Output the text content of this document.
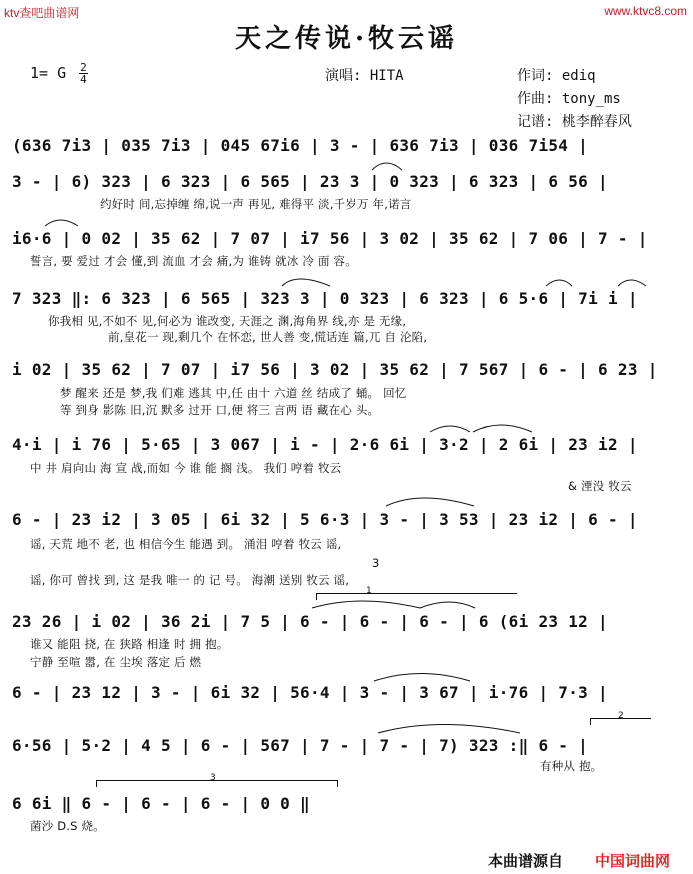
ktv查吧曲谱网	www.ktvc8.com
天之传说·牧云谣
1= G $\frac{2}{4}$	演唱: HITA	作词: ediq
作曲: tony_ms
记谱: 桃李醉春风
(636 7i3 | 035 7i3 | 045 67i6 | 3 - | 636 7i3 | 036 7i54 |
3 - | 6) 323 | 6 323 | 6 565 | 23 3 | 0 323 | 6 323 | 6 56 |
约好时 间,忘掉缠 绵,说一声 再见, 难得平 淡,千岁万 年,诺言
i6·6 | 0 02 | 35 62 | 7 07 | i7 56 | 3 02 | 35 62 | 7 06 | 7 - |
誓言, 要 爱过 才会 懂,到 流血 才会 痛,为 谁铸 就冰 冷 面 容。
7 323 ‖: 6 323 | 6 565 | 323 3 | 0 323 | 6 323 | 6 5·6 | 7i i |
你我相 见,不如不 见,何必为 谁改变, 天涯之 渊,海角界 线,亦 是 无缘,
前,皇花一 现,剩几个 在怀恋, 世人善 变,慌话连 篇,兀 自 沦陷,
i 02 | 35 62 | 7 07 | i7 56 | 3 02 | 35 62 | 7 567 | 6 - | 6 23 |
梦 醒来 还是 梦,我 们难 逃其 中,任 由十 六道 丝 结成了 蛹。 回忆
等 到身 影陈 旧,沉 默多 过开 口,便 将三 言两 语 藏在心 头。
4·i | i 76 | 5·65 | 3 067 | i - | 2·6 6i | 3·2 | 2 6i | 23 i2 |
中 井 肩向山 海 宣 战,而如 今 谁 能 搁 浅。 我们 哼着 牧云
& 湮没 牧云
6 - | 23 i2 | 3 05 | 6i 32 | 5 6·3 | 3 - | 3 53 | 23 i2 | 6 - |
谣, 天荒 地不 老, 也 相信今生 能遇 到。 涌泪 哼着 牧云 谣,
3
谣, 你可 曾找 到, 这 是我 唯一 的 记 号。 海潮 送别 牧云 谣,
23 26 | i 02 | 36 2i | 7 5 | 6 - | 6 - | 6 - | 6 (6i 23 12 |
谁又 能阻 挠, 在 狭路 相逢 时 拥 抱。
宁静 至喧 嚣, 在 尘埃 落定 后 燃
6 - | 23 12 | 3 - | 6i 32 | 56·4 | 3 - | 3 67 | i·76 | 7·3 |
6·56 | 5·2 | 4 5 | 6 - | 567 | 7 - | 7 - | 7) 323 :‖ 6 - |
有种从 抱。
6 6i ‖ 6 - | 6 - | 6 - | 0 0 ‖
菌沙 D.S 烧。
1
2
3
本曲谱源自 中国词曲网
